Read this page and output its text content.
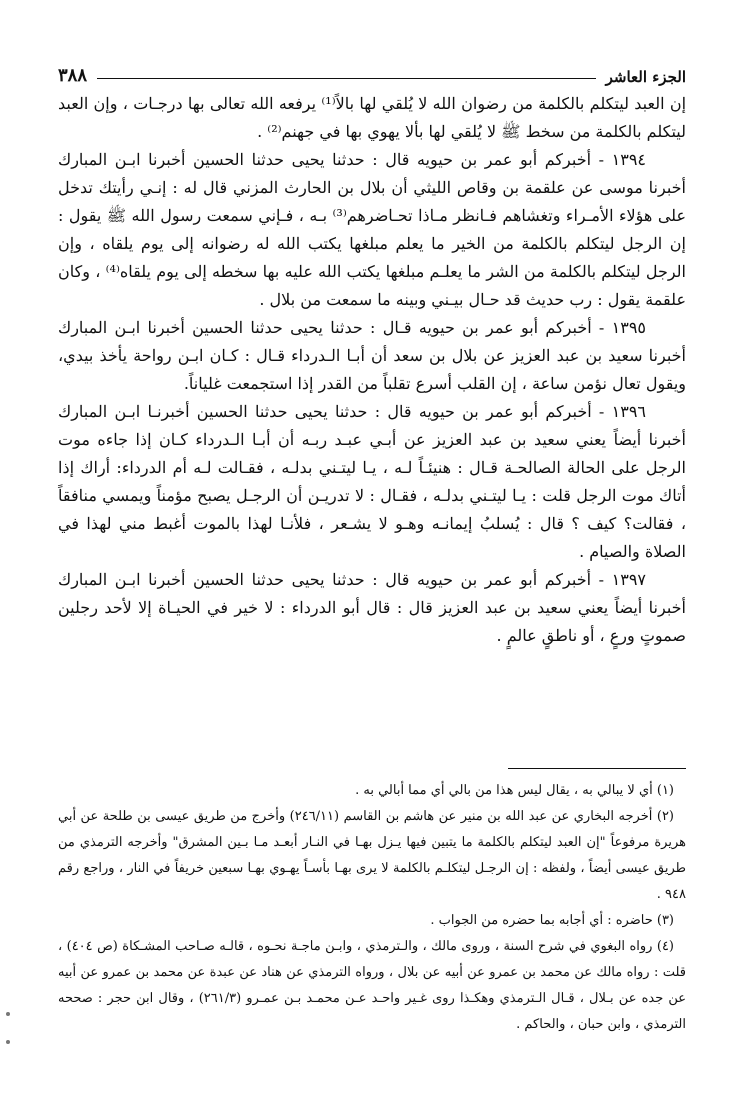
٣٨٨	الجزء العاشر

إن العبد ليتكلم بالكلمة من رضوان الله لا يُلقي لها بالاً⁽¹⁾ يرفعه الله تعالى بها درجـات ، وإن العبد ليتكلم بالكلمة من سخط ﷺ لا يُلقي لها بألا يهوي بها في جهنم⁽²⁾ .

١٣٩٤ - أخبركم أبو عمر بن حيويه قال : حدثنا يحيى حدثنا الحسين أخبرنا ابـن المبارك أخبرنا موسى عن علقمة بن وقاص الليثي أن بلال بن الحارث المزني قال له : إنـي رأيتك تدخل على هؤلاء الأمـراء وتغشاهم فـانظر مـاذا تحـاضرهم⁽³⁾ بـه ، فـإني سمعت رسول الله ﷺ يقول : إن الرجل ليتكلم بالكلمة من الخير ما يعلم مبلغها يكتب الله له رضوانه إلى يوم يلقاه ، وإن الرجل ليتكلم بالكلمة من الشر ما يعلـم مبلغها يكتب الله عليه بها سخطه إلى يوم يلقاه⁽⁴⁾ ، وكان علقمة يقول : رب حديث قد حـال بيـني وبينه ما سمعت من بلال .

١٣٩٥ - أخبركم أبو عمر بن حيويه قـال : حدثنا يحيى حدثنا الحسين أخبرنا ابـن المبارك أخبرنا سعيد بن عبد العزيز عن بلال بن سعد أن أبـا الـدرداء قـال : كـان ابـن رواحة يأخذ بيدي، ويقول تعال نؤمن ساعة ، إن القلب أسرع تقلباً من القدر إذا استجمعت غلياناً.

١٣٩٦ - أخبركم أبو عمر بن حيويه قال : حدثنا يحيى حدثنا الحسين أخبرنـا ابـن المبارك أخبرنا أيضاً يعني سعيد بن عبد العزيز عن أبـي عبـد ربـه أن أبـا الـدرداء كـان إذا جاءه موت الرجل على الحالة الصالحـة قـال : هنيئـاً لـه ، يـا ليتـني بدلـه ، فقـالت لـه أم الدرداء: أراك إذا أتاك موت الرجل قلت : يـا ليتـني بدلـه ، فقـال : لا تدريـن أن الرجـل يصبح مؤمناً ويمسي منافقاً ، فقالت؟ كيف ؟ قال : يُسلبُ إيمانـه وهـو لا يشـعر ، فلأنـا لهذا بالموت أغبط مني لهذا في الصلاة والصيام .

١٣٩٧ - أخبركم أبو عمر بن حيويه قال : حدثنا يحيى حدثنا الحسين أخبرنا ابـن المبارك أخبرنا أيضاً يعني سعيد بن عبد العزيز قال : قال أبو الدرداء : لا خير في الحيـاة إلا لأحد رجلين صموتٍ ورعٍ ، أو ناطقٍ عالمٍ .

(١) أي لا يبالي به ، يقال ليس هذا من بالي أي مما أبالي به .

(٢) أخرجه البخاري عن عبد الله بن منير عن هاشم بن القاسم (٢٤٦/١١) وأخرج من طريق عيسى بن طلحة عن أبي هريرة مرفوعاً "إن العبد ليتكلم بالكلمة ما يتبين فيها يـزل بهـا في النـار أبعـد مـا بـين المشرق" وأخرجه الترمذي من طريق عيسى أيضاً ، ولفظه : إن الرجـل ليتكلـم بالكلمة لا يرى بهـا بأسـاً يهـوي بهـا سبعين خريفاً في النار ، وراجع رقم ٩٤٨ .

(٣) حاضره : أي أجابه بما حضره من الجواب .

(٤) رواه البغوي في شرح السنة ، وروى مالك ، والـترمذي ، وابـن ماجـة نحـوه ، قالـه صـاحب المشـكاة (ص ٤٠٤) ، قلت : رواه مالك عن محمد بن عمرو عن أبيه عن بلال ، ورواه الترمذي عن هناد عن عبدة عن محمد بن عمرو عن أبيه عن جده عن بـلال ، قـال الـترمذي وهكـذا روى غـير واحـد عـن محمـد بـن عمـرو (٢٦١/٣) ، وقال ابن حجر : صححه الترمذي ، وابن حبان ، والحاكم .
